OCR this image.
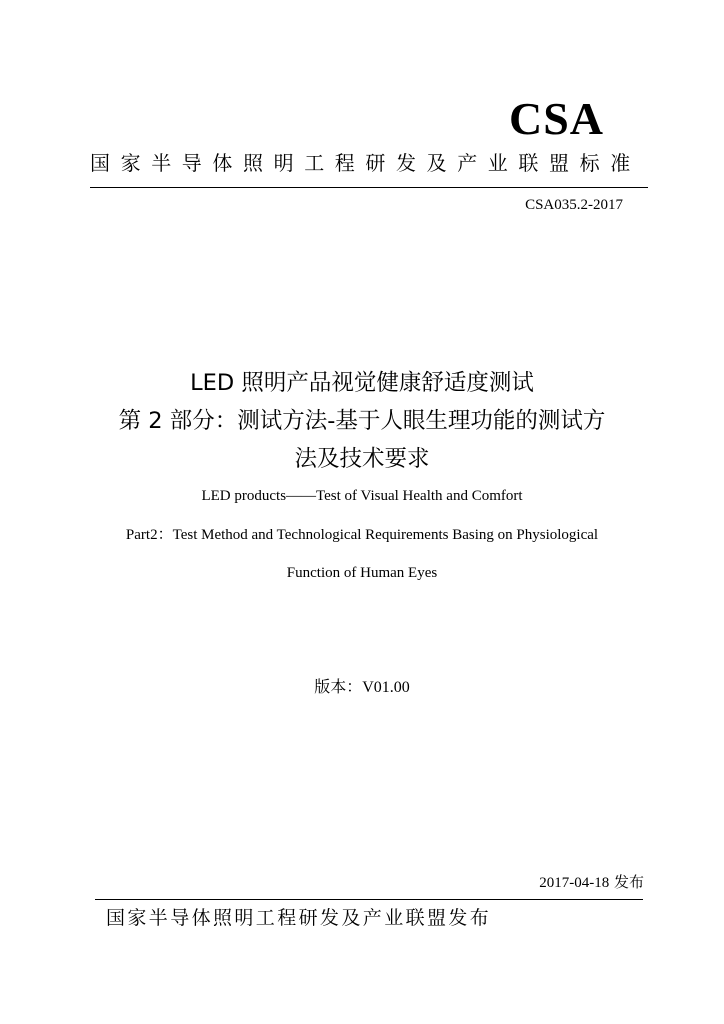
CSA
国家半导体照明工程研发及产业联盟标准
CSA035.2-2017
LED 照明产品视觉健康舒适度测试
第 2 部分：测试方法-基于人眼生理功能的测试方
法及技术要求
LED products——Test of Visual Health and Comfort
Part2：Test Method and Technological Requirements Basing on Physiological
Function of Human Eyes
版本：V01.00
2017-04-18 发布
国家半导体照明工程研发及产业联盟发布
